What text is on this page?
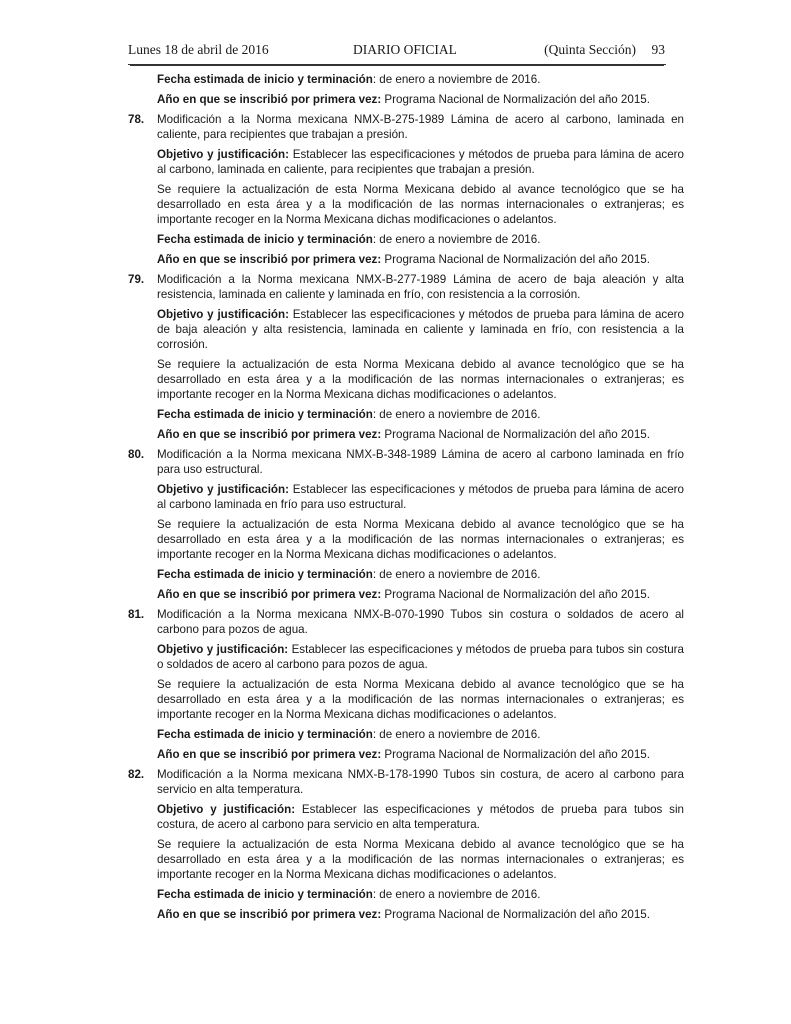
Lunes 18 de abril de 2016	DIARIO OFICIAL	(Quinta Sección) 93

Fecha estimada de inicio y terminación: de enero a noviembre de 2016.

Año en que se inscribió por primera vez: Programa Nacional de Normalización del año 2015.

78. Modificación a la Norma mexicana NMX-B-275-1989 Lámina de acero al carbono, laminada en caliente, para recipientes que trabajan a presión.

Objetivo y justificación: Establecer las especificaciones y métodos de prueba para lámina de acero al carbono, laminada en caliente, para recipientes que trabajan a presión.

Se requiere la actualización de esta Norma Mexicana debido al avance tecnológico que se ha desarrollado en esta área y a la modificación de las normas internacionales o extranjeras; es importante recoger en la Norma Mexicana dichas modificaciones o adelantos.

Fecha estimada de inicio y terminación: de enero a noviembre de 2016.

Año en que se inscribió por primera vez: Programa Nacional de Normalización del año 2015.

79. Modificación a la Norma mexicana NMX-B-277-1989 Lámina de acero de baja aleación y alta resistencia, laminada en caliente y laminada en frío, con resistencia a la corrosión.

Objetivo y justificación: Establecer las especificaciones y métodos de prueba para lámina de acero de baja aleación y alta resistencia, laminada en caliente y laminada en frío, con resistencia a la corrosión.

Se requiere la actualización de esta Norma Mexicana debido al avance tecnológico que se ha desarrollado en esta área y a la modificación de las normas internacionales o extranjeras; es importante recoger en la Norma Mexicana dichas modificaciones o adelantos.

Fecha estimada de inicio y terminación: de enero a noviembre de 2016.

Año en que se inscribió por primera vez: Programa Nacional de Normalización del año 2015.

80. Modificación a la Norma mexicana NMX-B-348-1989 Lámina de acero al carbono laminada en frío para uso estructural.

Objetivo y justificación: Establecer las especificaciones y métodos de prueba para lámina de acero al carbono laminada en frío para uso estructural.

Se requiere la actualización de esta Norma Mexicana debido al avance tecnológico que se ha desarrollado en esta área y a la modificación de las normas internacionales o extranjeras; es importante recoger en la Norma Mexicana dichas modificaciones o adelantos.

Fecha estimada de inicio y terminación: de enero a noviembre de 2016.

Año en que se inscribió por primera vez: Programa Nacional de Normalización del año 2015.

81. Modificación a la Norma mexicana NMX-B-070-1990 Tubos sin costura o soldados de acero al carbono para pozos de agua.

Objetivo y justificación: Establecer las especificaciones y métodos de prueba para tubos sin costura o soldados de acero al carbono para pozos de agua.

Se requiere la actualización de esta Norma Mexicana debido al avance tecnológico que se ha desarrollado en esta área y a la modificación de las normas internacionales o extranjeras; es importante recoger en la Norma Mexicana dichas modificaciones o adelantos.

Fecha estimada de inicio y terminación: de enero a noviembre de 2016.

Año en que se inscribió por primera vez: Programa Nacional de Normalización del año 2015.

82. Modificación a la Norma mexicana NMX-B-178-1990 Tubos sin costura, de acero al carbono para servicio en alta temperatura.

Objetivo y justificación: Establecer las especificaciones y métodos de prueba para tubos sin costura, de acero al carbono para servicio en alta temperatura.

Se requiere la actualización de esta Norma Mexicana debido al avance tecnológico que se ha desarrollado en esta área y a la modificación de las normas internacionales o extranjeras; es importante recoger en la Norma Mexicana dichas modificaciones o adelantos.

Fecha estimada de inicio y terminación: de enero a noviembre de 2016.

Año en que se inscribió por primera vez: Programa Nacional de Normalización del año 2015.
